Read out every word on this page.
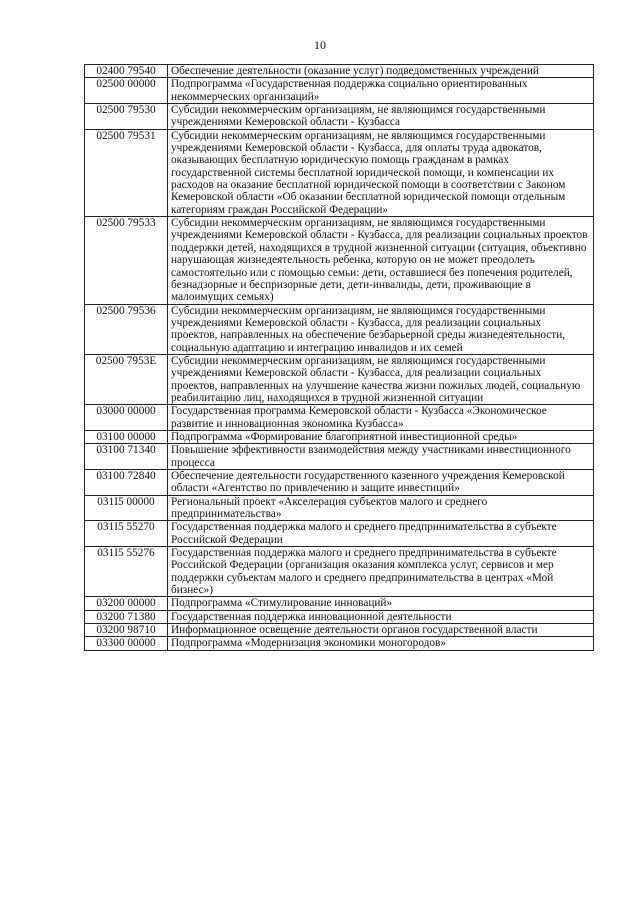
10
02400 79540	Обеспечение деятельности (оказание услуг) подведомственных учреждений
02500 00000	Подпрограмма «Государственная поддержка социально ориентированных некоммерческих организаций»
02500 79530	Субсидии некоммерческим организациям, не являющимся государственными учреждениями Кемеровской области - Кузбасса
02500 79531	Субсидии некоммерческим организациям, не являющимся государственными учреждениями Кемеровской области - Кузбасса, для оплаты труда адвокатов, оказывающих бесплатную юридическую помощь гражданам в рамках государственной системы бесплатной юридической помощи, и компенсации их расходов на оказание бесплатной юридической помощи в соответствии с Законом Кемеровской области «Об оказании бесплатной юридической помощи отдельным категориям граждан Российской Федерации»
02500 79533	Субсидии некоммерческим организациям, не являющимся государственными учреждениями Кемеровской области - Кузбасса, для реализации социальных проектов поддержки детей, находящихся в трудной жизненной ситуации (ситуация, объективно нарушающая жизнедеятельность ребенка, которую он не может преодолеть самостоятельно или с помощью семьи: дети, оставшиеся без попечения родителей, безнадзорные и беспризорные дети, дети-инвалиды, дети, проживающие в малоимущих семьях)
02500 79536	Субсидии некоммерческим организациям, не являющимся государственными учреждениями Кемеровской области - Кузбасса, для реализации социальных проектов, направленных на обеспечение безбарьерной среды жизнедеятельности, социальную адаптацию и интеграцию инвалидов и их семей
02500 7953E	Субсидии некоммерческим организациям, не являющимся государственными учреждениями Кемеровской области - Кузбасса, для реализации социальных проектов, направленных на улучшение качества жизни пожилых людей, социальную реабилитацию лиц, находящихся в трудной жизненной ситуации
03000 00000	Государственная программа Кемеровской области - Кузбасса «Экономическое развитие и инновационная экономика Кузбасса»
03100 00000	Подпрограмма «Формирование благоприятной инвестиционной среды»
03100 71340	Повышение эффективности взаимодействия между участниками инвестиционного процесса
03100 72840	Обеспечение деятельности государственного казенного учреждения Кемеровской области «Агентство по привлечению и защите инвестиций»
031I5 00000	Региональный проект «Акселерация субъектов малого и среднего предпринимательства»
031I5 55270	Государственная поддержка малого и среднего предпринимательства в субъекте Российской Федерации
031I5 55276	Государственная поддержка малого и среднего предпринимательства в субъекте Российской Федерации (организация оказания комплекса услуг, сервисов и мер поддержки субъектам малого и среднего предпринимательства в центрах «Мой бизнес»)
03200 00000	Подпрограмма «Стимулирование инноваций»
03200 71380	Государственная поддержка инновационной деятельности
03200 98710	Информационное освещение деятельности органов государственной власти
03300 00000	Подпрограмма «Модернизация экономики моногородов»
